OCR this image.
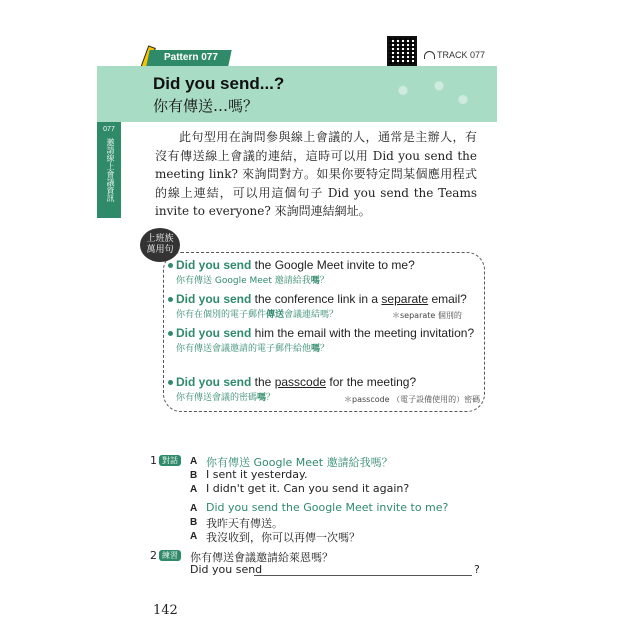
Pattern 077	TRACK 077
Did you send...?
你有傳送…嗎？
077
邀請線上會議資訊

此句型用在詢問參與線上會議的人，通常是主辦人，有沒有傳送線上會議的連結，這時可以用 Did you send the meeting link? 來詢問對方。如果你要特定問某個應用程式的線上連結，可以用這個句子 Did you send the Teams invite to everyone? 來詢問連結網址。

上班族
萬用句
Did you send the Google Meet invite to me?
你有傳送 Google Meet 邀請給我嗎？
Did you send the conference link in a separate email?
你有在個別的電子郵件傳送會議連結嗎？	＊separate 個別的
Did you send him the email with the meeting invitation?
你有傳送會議邀請的電子郵件給他嗎？
Did you send the passcode for the meeting?
你有傳送會議的密碼嗎？	＊passcode （電子設備使用的）密碼
1 對話	A 你有傳送 Google Meet 邀請給我嗎？
B I sent it yesterday.
A I didn't get it. Can you send it again?
A Did you send the Google Meet invite to me?
B 我昨天有傳送。
A 我沒收到，你可以再傳一次嗎？
2 練習 你有傳送會議邀請給萊恩嗎？
Did you send	?
142
